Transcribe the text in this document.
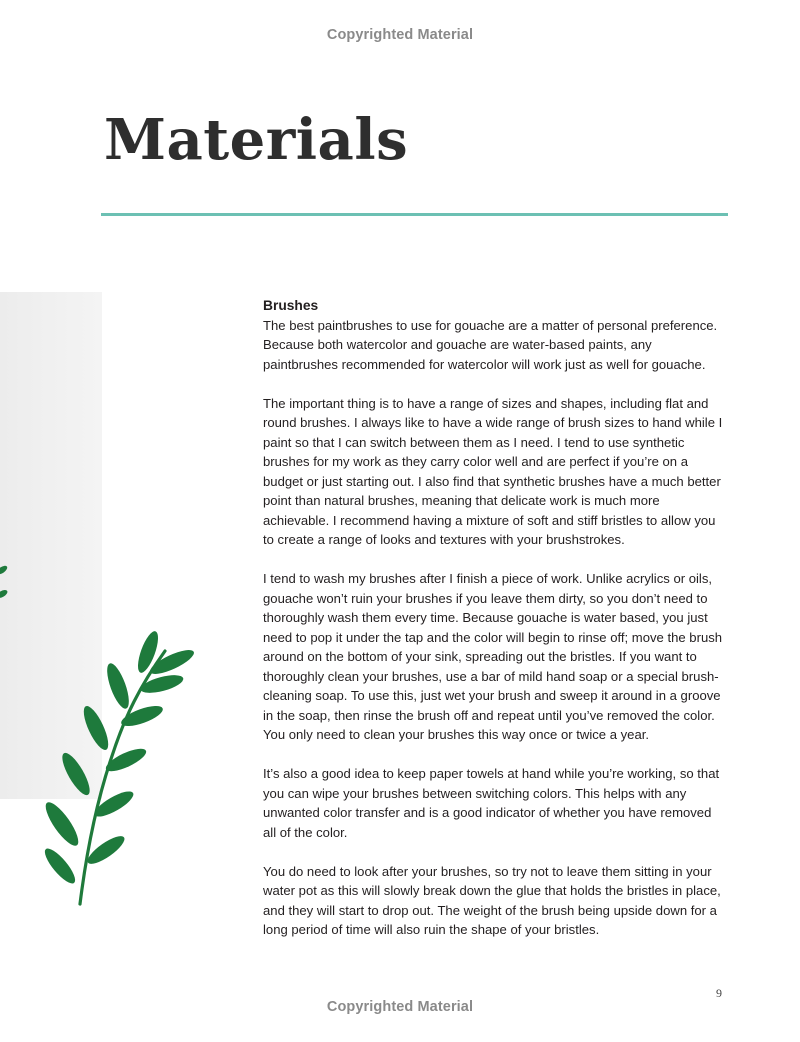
Copyrighted Material
Materials
Brushes

The best paintbrushes to use for gouache are a matter of personal preference. Because both watercolor and gouache are water-based paints, any paintbrushes recommended for watercolor will work just as well for gouache.

The important thing is to have a range of sizes and shapes, including flat and round brushes. I always like to have a wide range of brush sizes to hand while I paint so that I can switch between them as I need. I tend to use synthetic brushes for my work as they carry color well and are perfect if you’re on a budget or just starting out. I also find that synthetic brushes have a much better point than natural brushes, meaning that delicate work is much more achievable. I recommend having a mixture of soft and stiff bristles to allow you to create a range of looks and textures with your brushstrokes.

I tend to wash my brushes after I finish a piece of work. Unlike acrylics or oils, gouache won’t ruin your brushes if you leave them dirty, so you don’t need to thoroughly wash them every time. Because gouache is water based, you just need to pop it under the tap and the color will begin to rinse off; move the brush around on the bottom of your sink, spreading out the bristles. If you want to thoroughly clean your brushes, use a bar of mild hand soap or a special brush-cleaning soap. To use this, just wet your brush and sweep it around in a groove in the soap, then rinse the brush off and repeat until you’ve removed the color. You only need to clean your brushes this way once or twice a year.

It’s also a good idea to keep paper towels at hand while you’re working, so that you can wipe your brushes between switching colors. This helps with any unwanted color transfer and is a good indicator of whether you have removed all of the color.

You do need to look after your brushes, so try not to leave them sitting in your water pot as this will slowly break down the glue that holds the bristles in place, and they will start to drop out. The weight of the brush being upside down for a long period of time will also ruin the shape of your bristles.

9
Copyrighted Material
